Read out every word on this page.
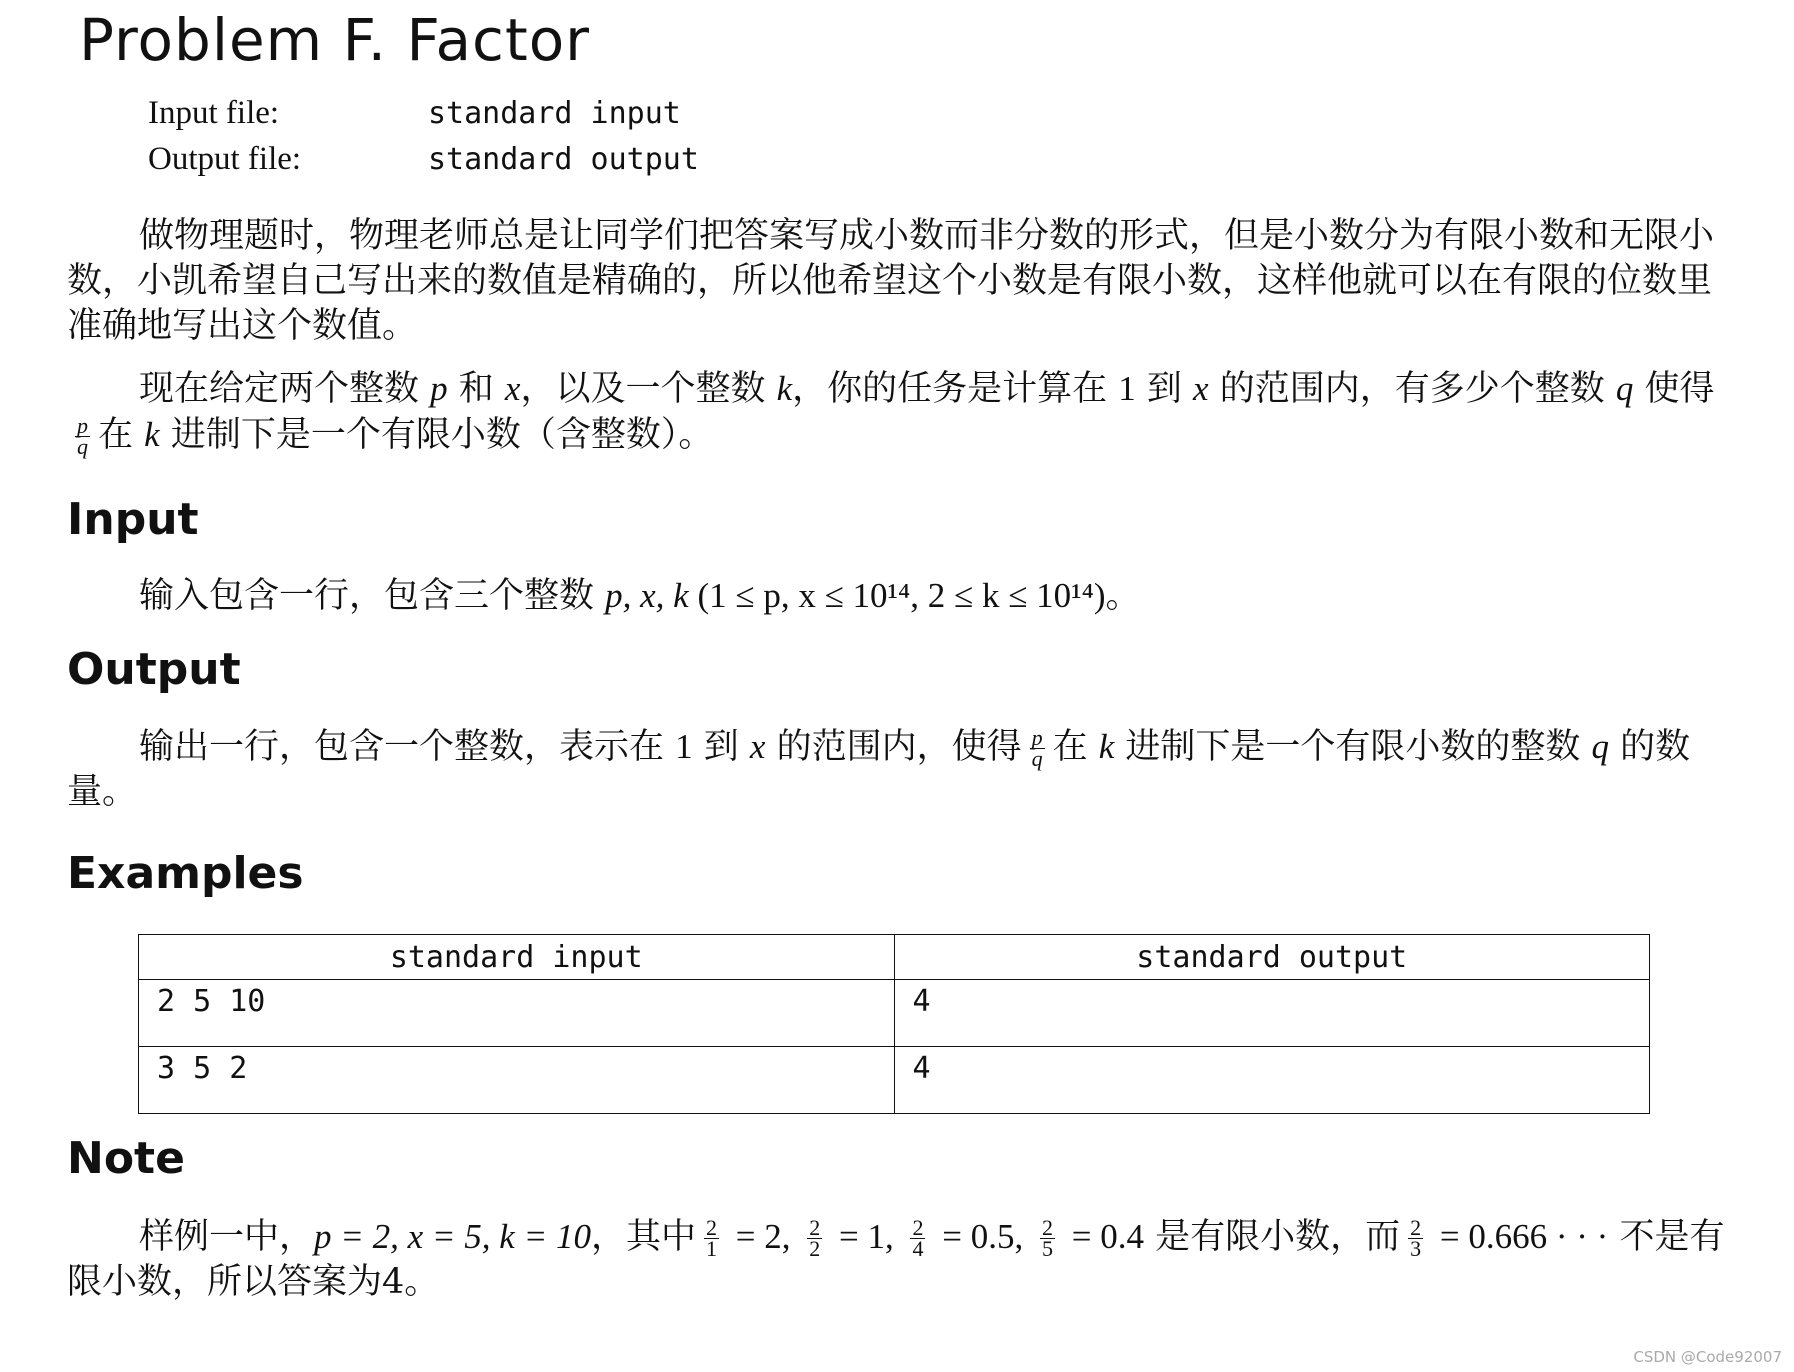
Problem F. Factor
Input file:	standard input
Output file:	standard output

做物理题时，物理老师总是让同学们把答案写成小数而非分数的形式，但是小数分为有限小数和无限小数，小凯希望自己写出来的数值是精确的，所以他希望这个小数是有限小数，这样他就可以在有限的位数里准确地写出这个数值。

现在给定两个整数 p 和 x，以及一个整数 k，你的任务是计算在 1 到 x 的范围内，有多少个整数 q 使得
$\frac{p}{q}$ 在 k 进制下是一个有限小数（含整数）。

Input

输入包含一行，包含三个整数 p, x, k (1 ≤ p, x ≤ 10¹⁴, 2 ≤ k ≤ 10¹⁴)。

Output

输出一行，包含一个整数，表示在 1 到 x 的范围内，使得 $\frac{p}{q}$ 在 k 进制下是一个有限小数的整数 q 的数量。

Examples
standard input	standard output
2 5 10	4
3 5 2	4
Note

样例一中，p = 2, x = 5, k = 10，其中 $\frac{2}{1} = 2$, $\frac{2}{2} = 1$, $\frac{2}{4} = 0.5$, $\frac{2}{5} = 0.4$ 是有限小数，而 $\frac{2}{3} = 0.666$ · · · 不是有限小数，所以答案为4。

CSDN @Code92007
